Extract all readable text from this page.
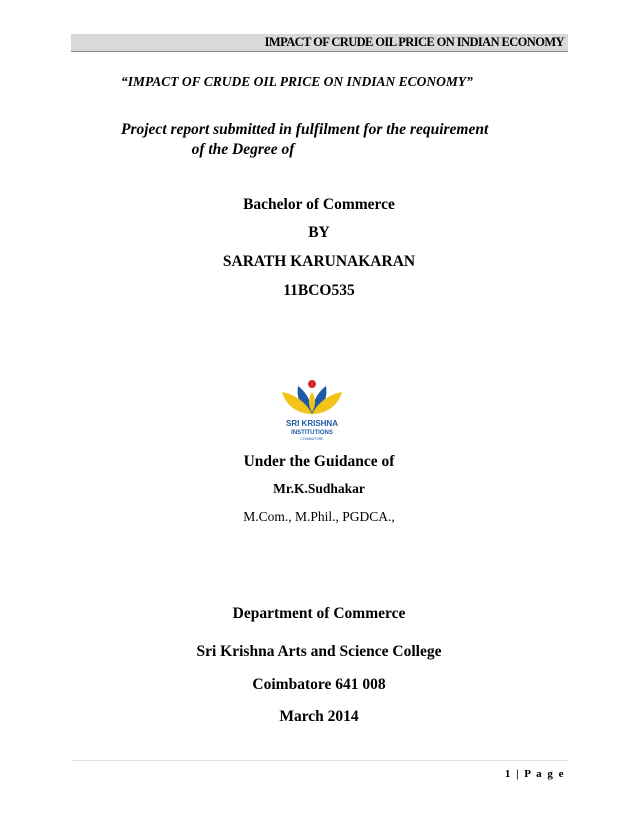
IMPACT OF CRUDE OIL PRICE ON INDIAN ECONOMY
“IMPACT OF CRUDE OIL PRICE ON INDIAN ECONOMY”
Project report submitted in fulfilment for the requirement
of the Degree of
Bachelor of Commerce
BY
SARATH KARUNAKARAN
11BCO535
SRI KRISHNA
INSTITUTIONS
COIMBATORE
Under the Guidance of
Mr.K.Sudhakar
M.Com., M.Phil., PGDCA.,
Department of Commerce
Sri Krishna Arts and Science College
Coimbatore 641 008
March 2014
1 | P a g e
